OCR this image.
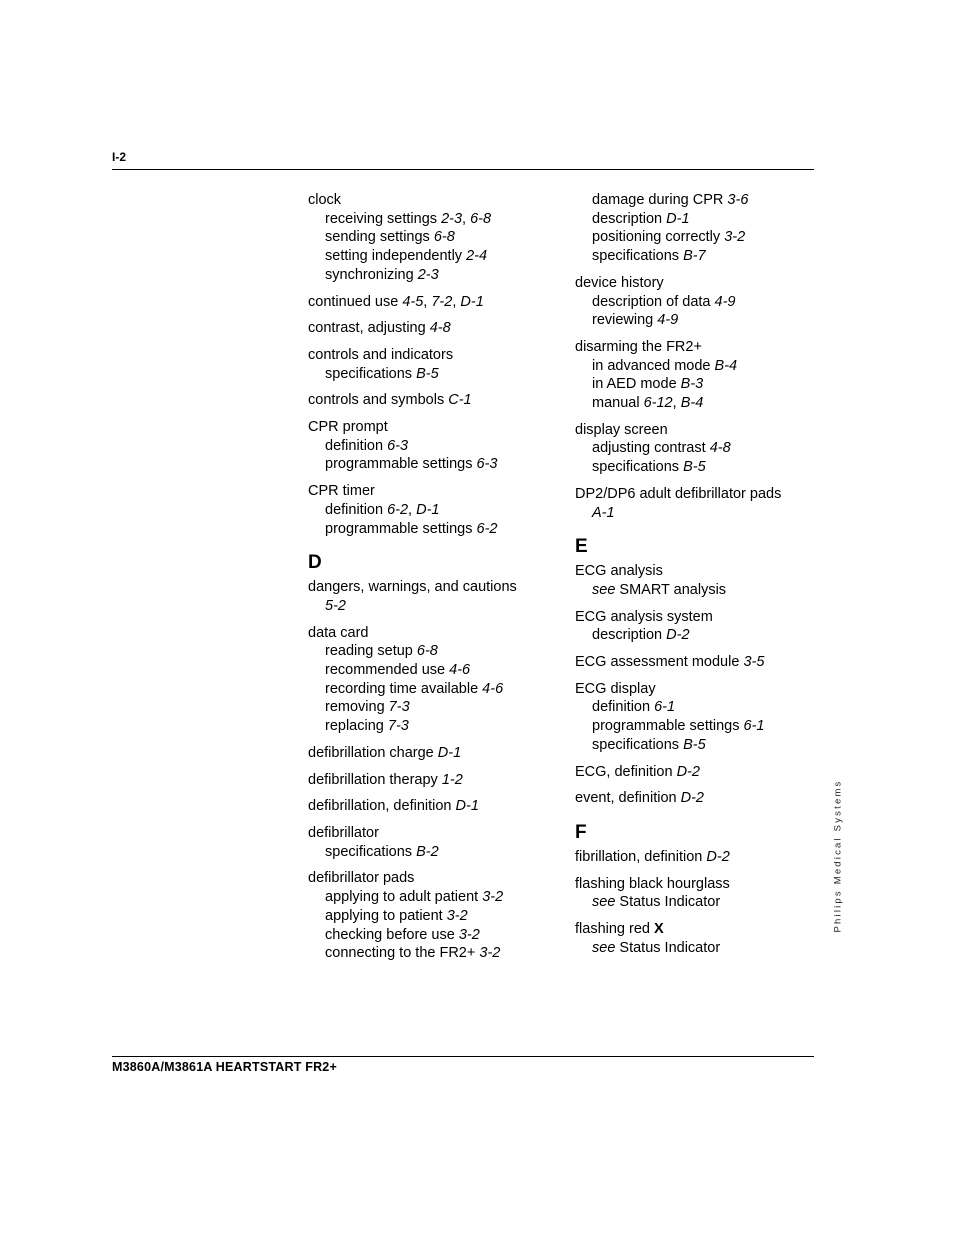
I-2
clock
receiving settings 2-3, 6-8
sending settings 6-8
setting independently 2-4
synchronizing 2-3
continued use 4-5, 7-2, D-1
contrast, adjusting 4-8
controls and indicators
specifications B-5
controls and symbols C-1
CPR prompt
definition 6-3
programmable settings 6-3
CPR timer
definition 6-2, D-1
programmable settings 6-2
D
dangers, warnings, and cautions
5-2
data card
reading setup 6-8
recommended use 4-6
recording time available 4-6
removing 7-3
replacing 7-3
defibrillation charge D-1
defibrillation therapy 1-2
defibrillation, definition D-1
defibrillator
specifications B-2
defibrillator pads
applying to adult patient 3-2
applying to patient 3-2
checking before use 3-2
connecting to the FR2+ 3-2
damage during CPR 3-6
description D-1
positioning correctly 3-2
specifications B-7
device history
description of data 4-9
reviewing 4-9
disarming the FR2+
in advanced mode B-4
in AED mode B-3
manual 6-12, B-4
display screen
adjusting contrast 4-8
specifications B-5
DP2/DP6 adult defibrillator pads
A-1
E
ECG analysis
see SMART analysis
ECG analysis system
description D-2
ECG assessment module 3-5
ECG display
definition 6-1
programmable settings 6-1
specifications B-5
ECG, definition D-2
event, definition D-2
F
fibrillation, definition D-2
flashing black hourglass
see Status Indicator
flashing red X
see Status Indicator
Philips Medical Systems
M3860A/M3861A HEARTSTART FR2+
